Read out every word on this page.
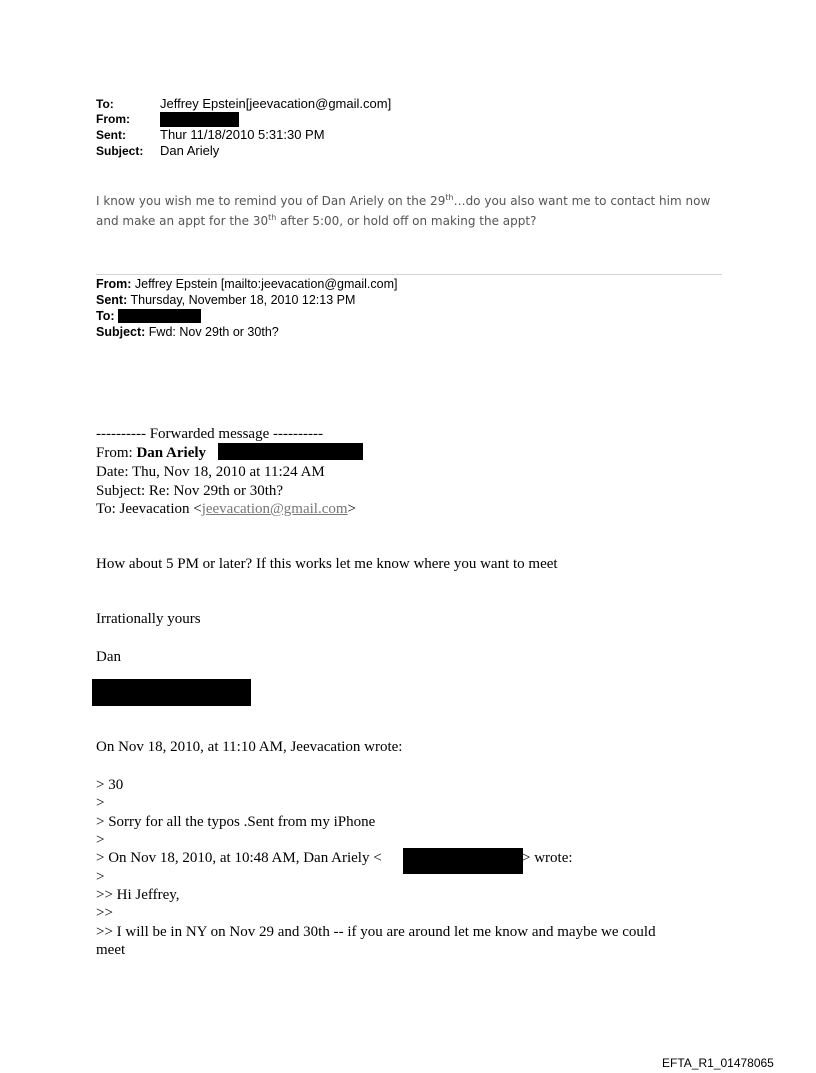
To:	Jeffrey Epstein[jeevacation@gmail.com]
From:
Sent:	Thur 11/18/2010 5:31:30 PM
Subject: Dan Ariely
I know you wish me to remind you of Dan Ariely on the 29th…do you also want me to contact him now
and make an appt for the 30th after 5:00, or hold off on making the appt?
From: Jeffrey Epstein [mailto:jeevacation@gmail.com]
Sent: Thursday, November 18, 2010 12:13 PM
To:
Subject: Fwd: Nov 29th or 30th?
---------- Forwarded message ----------
From: Dan Ariely
Date: Thu, Nov 18, 2010 at 11:24 AM
Subject: Re: Nov 29th or 30th?
To: Jeevacation <jeevacation@gmail.com>
How about 5 PM or later? If this works let me know where you want to meet
Irrationally yours
Dan
On Nov 18, 2010, at 11:10 AM, Jeevacation wrote:
> 30
>
> Sorry for all the typos .Sent from my iPhone
>
> On Nov 18, 2010, at 10:48 AM, Dan Ariely <	> wrote:
>
>> Hi Jeffrey,
>>
>> I will be in NY on Nov 29 and 30th -- if you are around let me know and maybe we could
meet
EFTA_R1_01478065
